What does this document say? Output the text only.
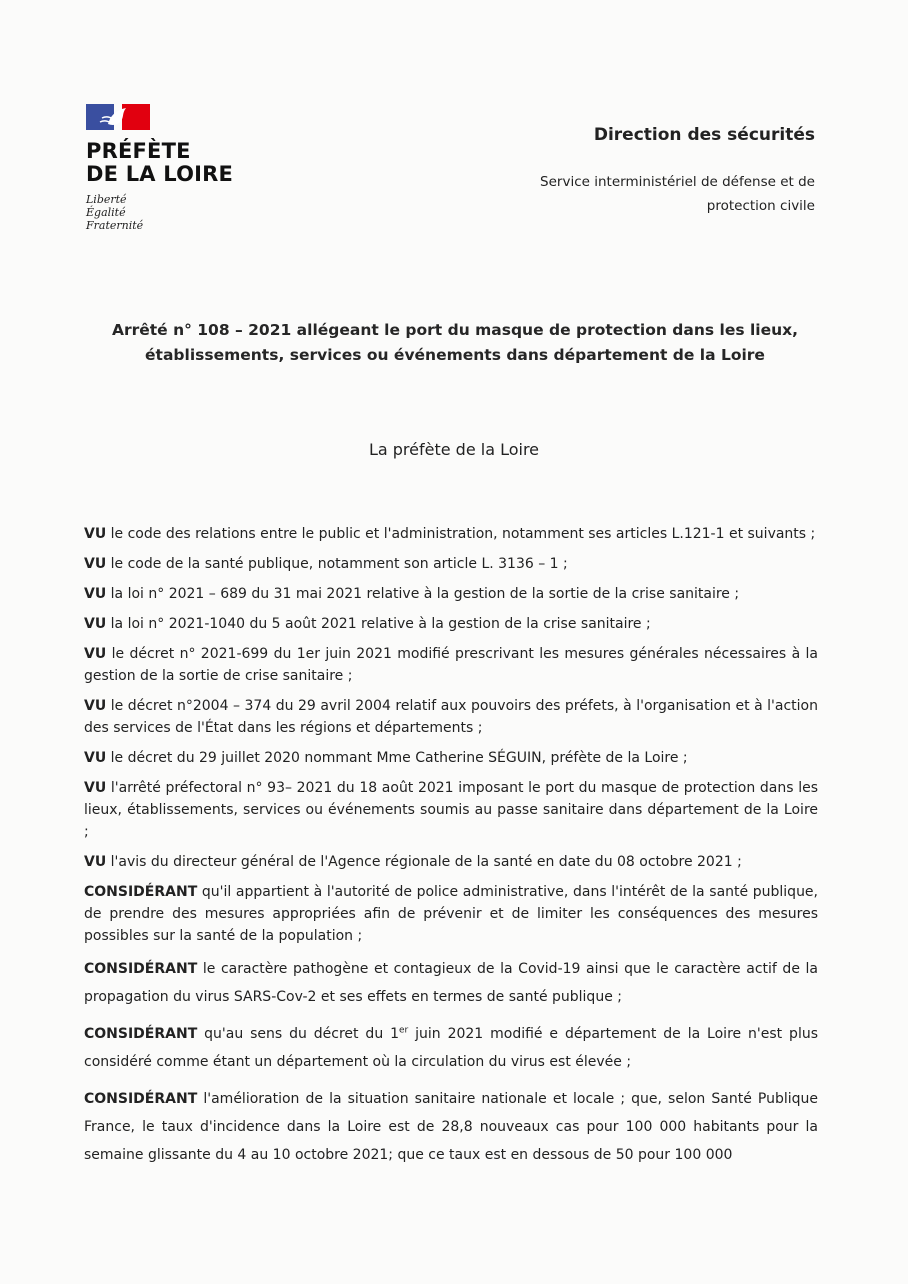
PRÉFÈTE
DE LA LOIRE
Liberté
Égalité
Fraternité
Direction des sécurités
Service interministériel de défense et de protection civile
Arrêté n° 108 – 2021 allégeant le port du masque de protection dans les lieux,
établissements, services ou événements dans département de la Loire
La préfète de la Loire

VU le code des relations entre le public et l'administration, notamment ses articles L.121-1 et suivants ;

VU le code de la santé publique, notamment son article L. 3136 – 1 ;

VU la loi n° 2021 – 689 du 31 mai 2021 relative à la gestion de la sortie de la crise sanitaire ;

VU la loi n° 2021-1040 du 5 août 2021 relative à la gestion de la crise sanitaire ;

VU le décret n° 2021-699 du 1er juin 2021 modifié prescrivant les mesures générales nécessaires à la gestion de la sortie de crise sanitaire ;

VU le décret n°2004 – 374 du 29 avril 2004 relatif aux pouvoirs des préfets, à l'organisation et à l'action des services de l'État dans les régions et départements ;

VU le décret du 29 juillet 2020 nommant Mme Catherine SÉGUIN, préfète de la Loire ;

VU l'arrêté préfectoral n° 93– 2021 du 18 août 2021 imposant le port du masque de protection dans les lieux, établissements, services ou événements soumis au passe sanitaire dans département de la Loire ;

VU l'avis du directeur général de l'Agence régionale de la santé en date du 08 octobre 2021 ;

CONSIDÉRANT qu'il appartient à l'autorité de police administrative, dans l'intérêt de la santé publique, de prendre des mesures appropriées afin de prévenir et de limiter les conséquences des mesures possibles sur la santé de la population ;

CONSIDÉRANT le caractère pathogène et contagieux de la Covid-19 ainsi que le caractère actif de la propagation du virus SARS-Cov-2 et ses effets en termes de santé publique ;

CONSIDÉRANT qu'au sens du décret du 1er juin 2021 modifié e département de la Loire n'est plus considéré comme étant un département où la circulation du virus est élevée ;

CONSIDÉRANT l'amélioration de la situation sanitaire nationale et locale ; que, selon Santé Publique France, le taux d'incidence dans la Loire est de 28,8 nouveaux cas pour 100 000 habitants pour la semaine glissante du 4 au 10 octobre 2021; que ce taux est en dessous de 50 pour 100 000
